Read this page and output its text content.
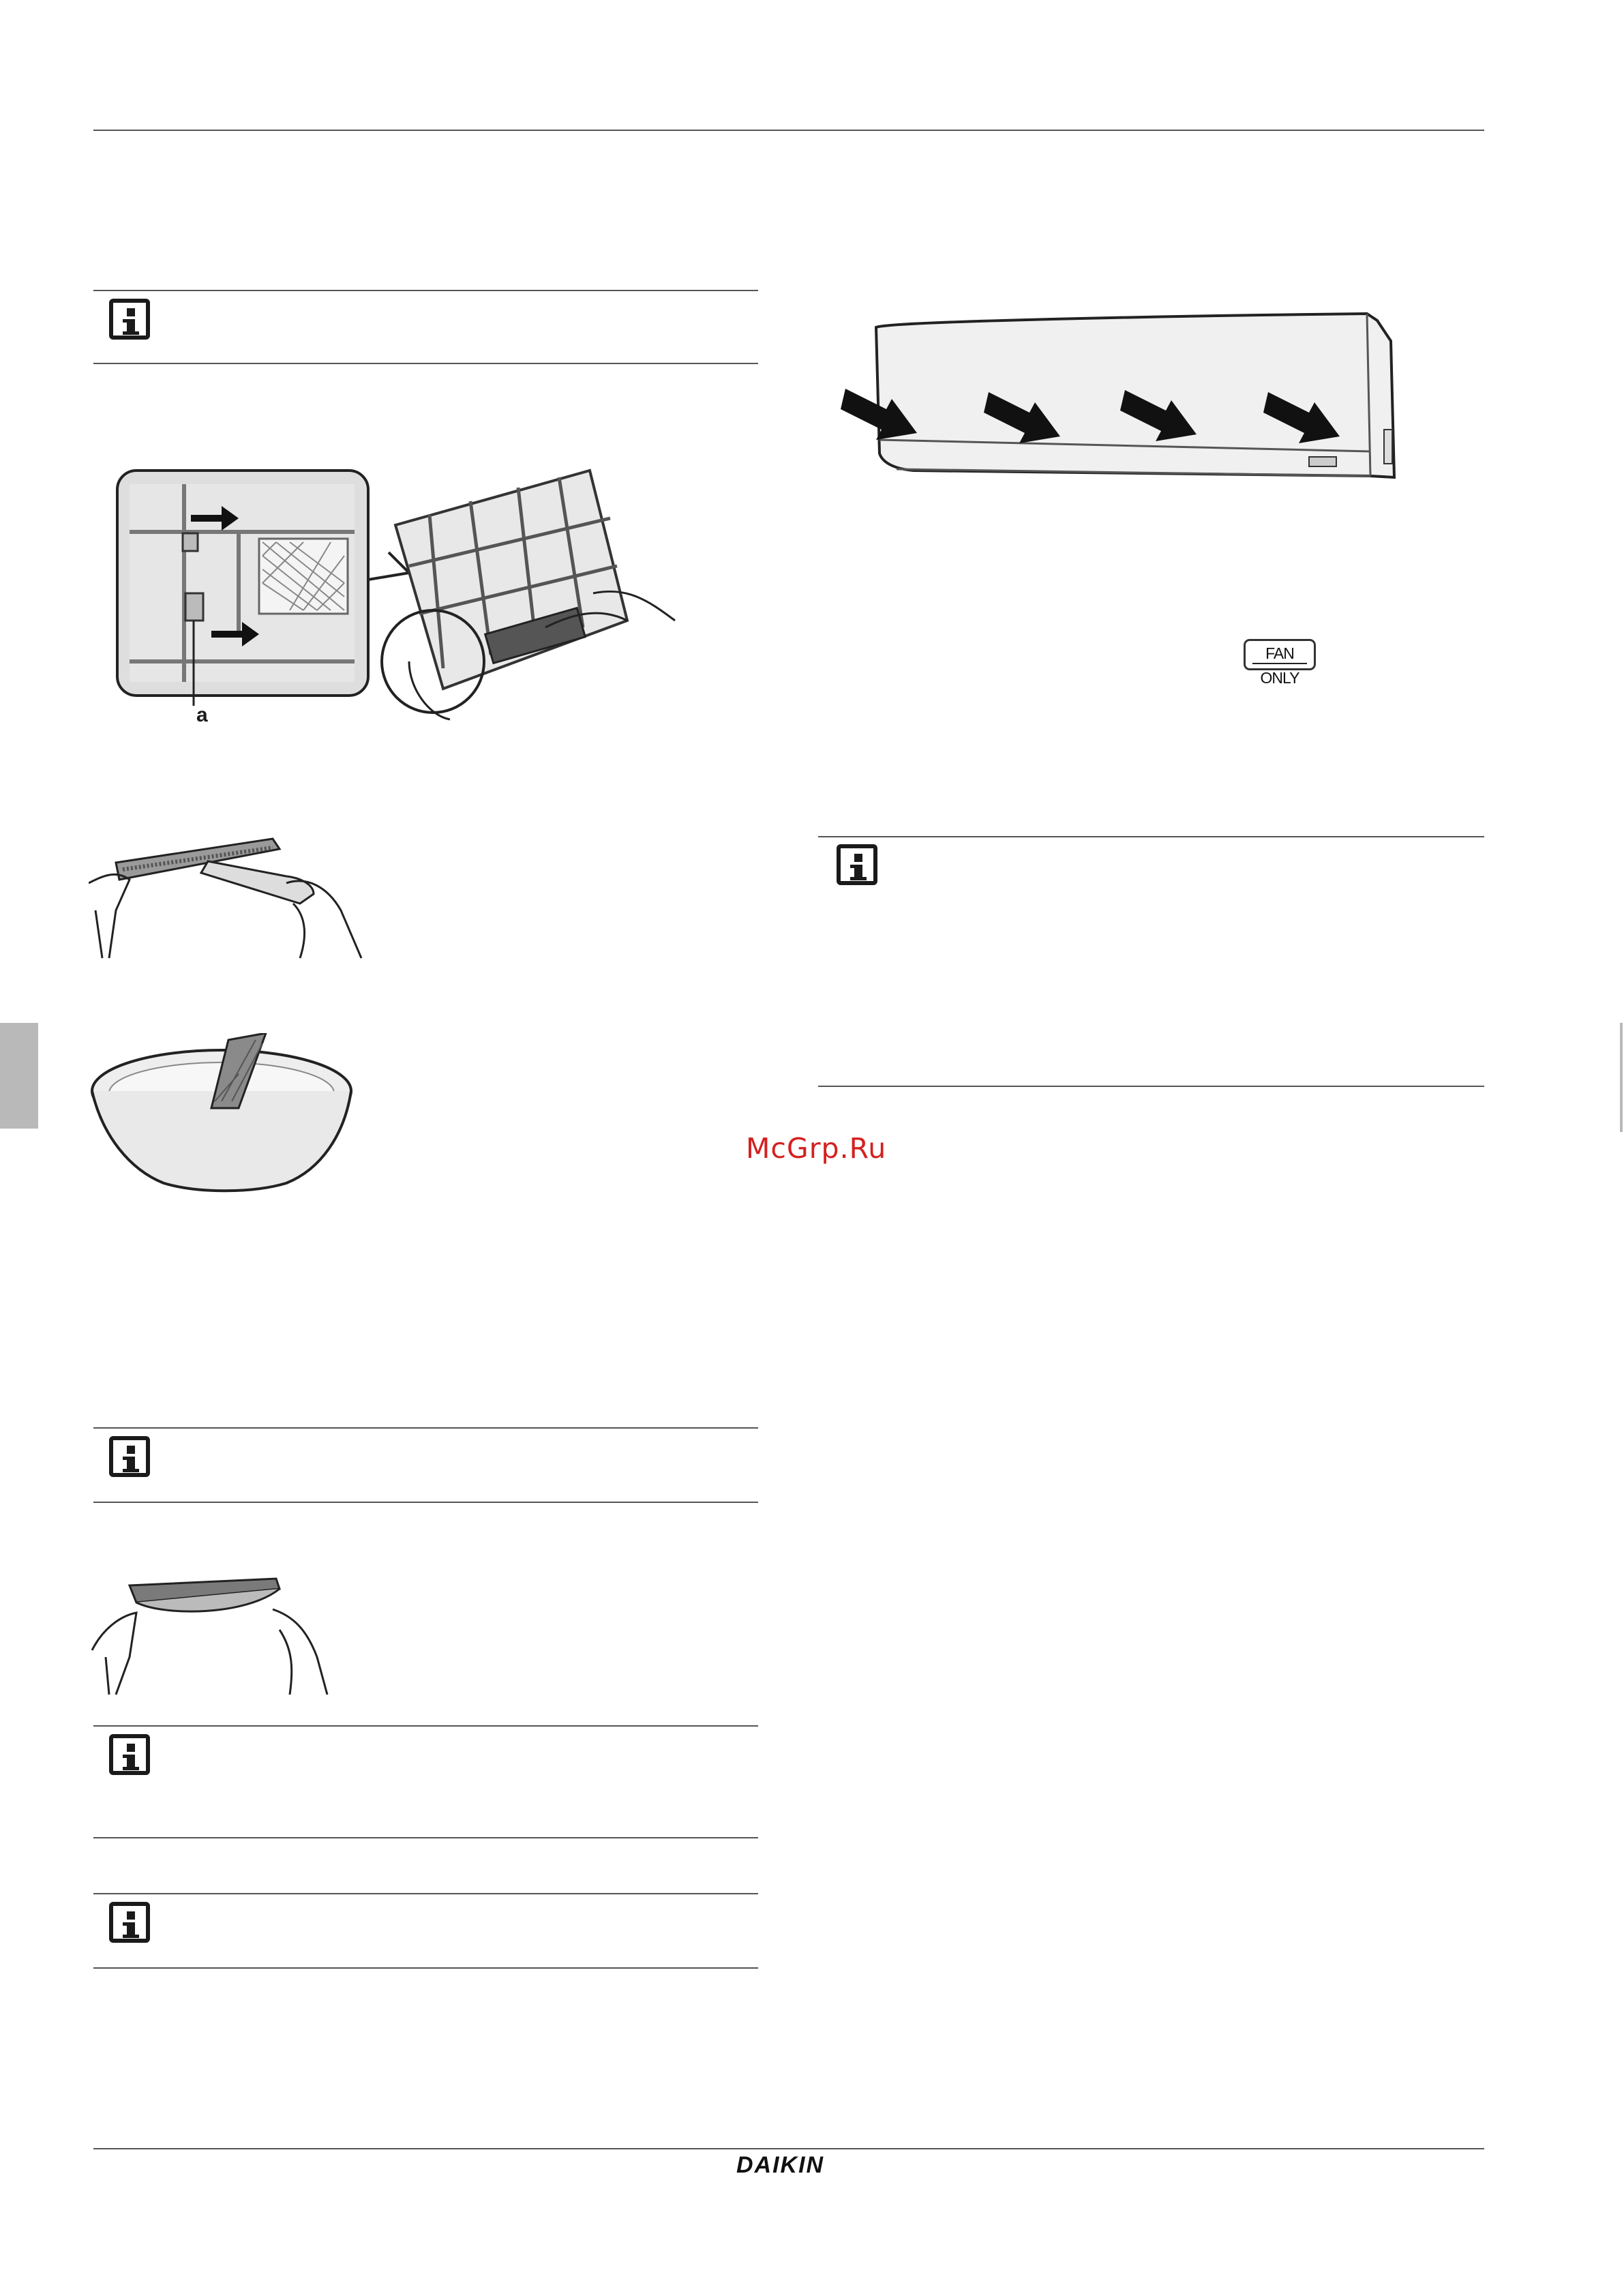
a
FAN ONLY
McGrp.Ru
DAIKIN
